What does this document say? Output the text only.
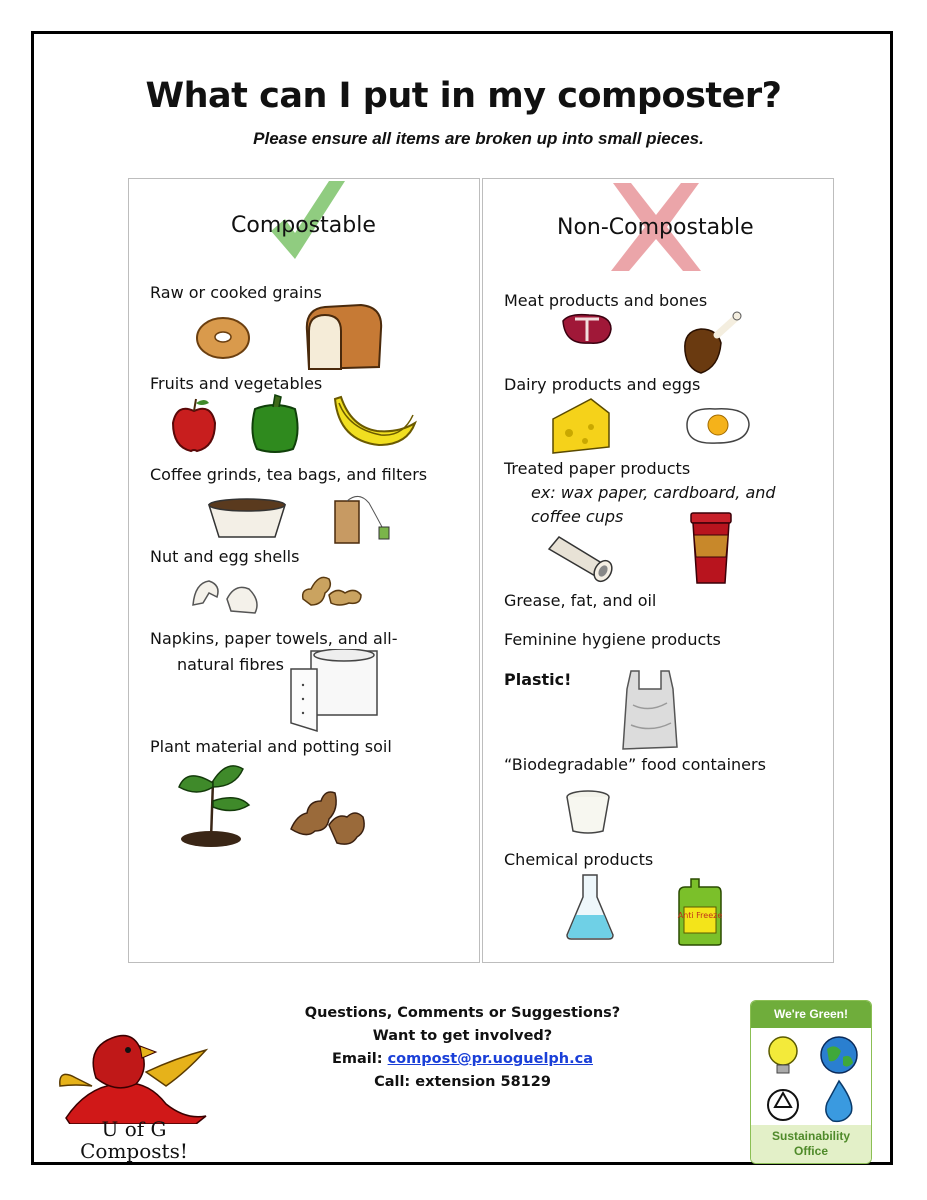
What can I put in my composter?
Please ensure all items are broken up into small pieces.
Compostable
Raw or cooked grains
Fruits and vegetables
Coffee grinds, tea bags, and filters
Nut and egg shells
Napkins, paper towels, and all-
natural fibres
Plant material and potting soil
Non-Compostable
Meat products and bones
Dairy products and eggs
Treated paper products
ex: wax paper, cardboard, and
coffee cups
Grease, fat, and oil
Feminine hygiene products
Plastic!
“Biodegradable” food containers
Chemical products
Anti Freeze
Questions, Comments or Suggestions?
Want to get involved?
Email: compost@pr.uoguelph.ca
Call: extension 58129
U of G
Composts!
We're Green!
Sustainability
Office
